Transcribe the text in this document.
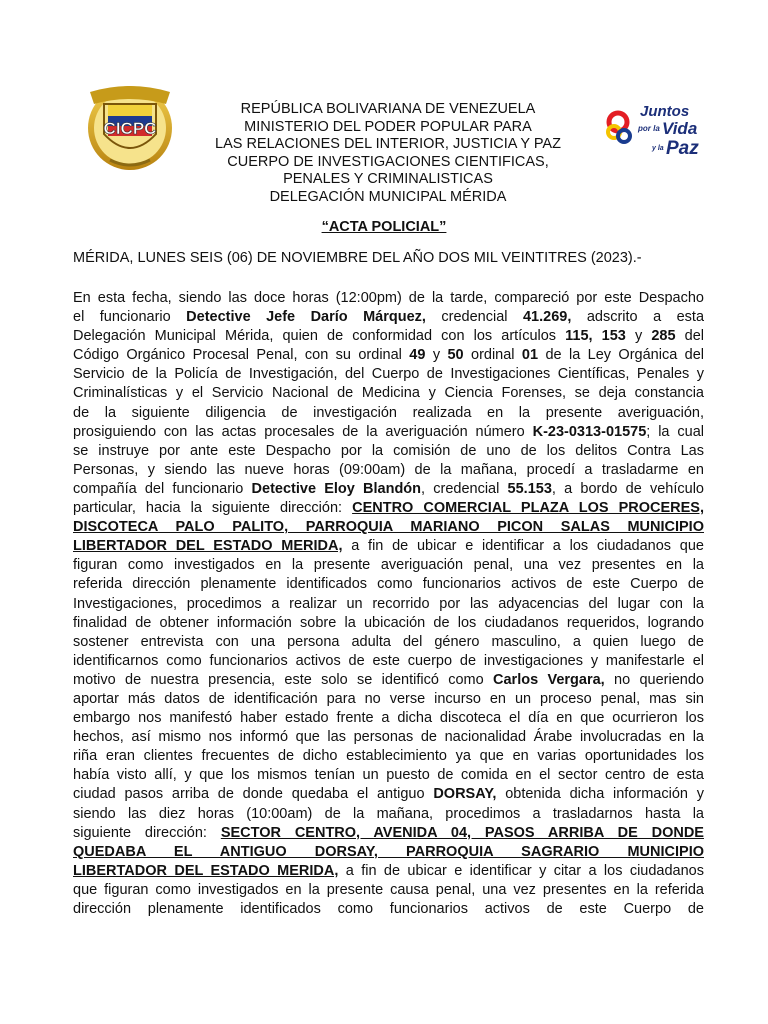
CICPC
Juntos
por la Vida
y la Paz
REPÚBLICA BOLIVARIANA DE VENEZUELA
MINISTERIO DEL PODER POPULAR PARA
LAS RELACIONES DEL INTERIOR, JUSTICIA Y PAZ
CUERPO DE INVESTIGACIONES CIENTIFICAS,
PENALES Y CRIMINALISTICAS
DELEGACIÓN MUNICIPAL MÉRIDA
“ACTA POLICIAL”
MÉRIDA, LUNES SEIS (06) DE NOVIEMBRE DEL AÑO DOS MIL VEINTITRES (2023).-
En esta fecha, siendo las doce horas (12:00pm) de la tarde, compareció por este Despacho
el funcionario Detective Jefe Darío Márquez, credencial 41.269, adscrito a esta
Delegación Municipal Mérida, quien de conformidad con los artículos 115, 153 y 285 del
Código Orgánico Procesal Penal, con su ordinal 49 y 50 ordinal 01 de la Ley Orgánica del
Servicio de la Policía de Investigación, del Cuerpo de Investigaciones Científicas, Penales y
Criminalísticas y el Servicio Nacional de Medicina y Ciencia Forenses, se deja constancia
de la siguiente diligencia de investigación realizada en la presente averiguación,
prosiguiendo con las actas procesales de la averiguación número K-23-0313-01575; la cual
se instruye por ante este Despacho por la comisión de uno de los delitos Contra Las
Personas, y siendo las nueve horas (09:00am) de la mañana, procedí a trasladarme en
compañía del funcionario Detective Eloy Blandón, credencial 55.153, a bordo de vehículo
particular, hacia la siguiente dirección: CENTRO COMERCIAL PLAZA LOS PROCERES,
DISCOTECA PALO PALITO, PARROQUIA MARIANO PICON SALAS MUNICIPIO
LIBERTADOR DEL ESTADO MERIDA, a fin de ubicar e identificar a los ciudadanos que
figuran como investigados en la presente averiguación penal, una vez presentes en la
referida dirección plenamente identificados como funcionarios activos de este Cuerpo de
Investigaciones, procedimos a realizar un recorrido por las adyacencias del lugar con la
finalidad de obtener información sobre la ubicación de los ciudadanos requeridos, logrando
sostener entrevista con una persona adulta del género masculino, a quien luego de
identificarnos como funcionarios activos de este cuerpo de investigaciones y manifestarle el
motivo de nuestra presencia, este solo se identificó como Carlos Vergara, no queriendo
aportar más datos de identificación para no verse incurso en un proceso penal, mas sin
embargo nos manifestó haber estado frente a dicha discoteca el día en que ocurrieron los
hechos, así mismo nos informó que las personas de nacionalidad Árabe involucradas en la
riña eran clientes frecuentes de dicho establecimiento ya que en varias oportunidades los
había visto allí, y que los mismos tenían un puesto de comida en el sector centro de esta
ciudad pasos arriba de donde quedaba el antiguo DORSAY, obtenida dicha información y
siendo las diez horas (10:00am) de la mañana, procedimos a trasladarnos hasta la
siguiente dirección: SECTOR CENTRO, AVENIDA 04, PASOS ARRIBA DE DONDE
QUEDABA EL ANTIGUO DORSAY, PARROQUIA SAGRARIO MUNICIPIO
LIBERTADOR DEL ESTADO MERIDA, a fin de ubicar e identificar y citar a los ciudadanos
que figuran como investigados en la presente causa penal, una vez presentes en la referida
dirección plenamente identificados como funcionarios activos de este Cuerpo de
